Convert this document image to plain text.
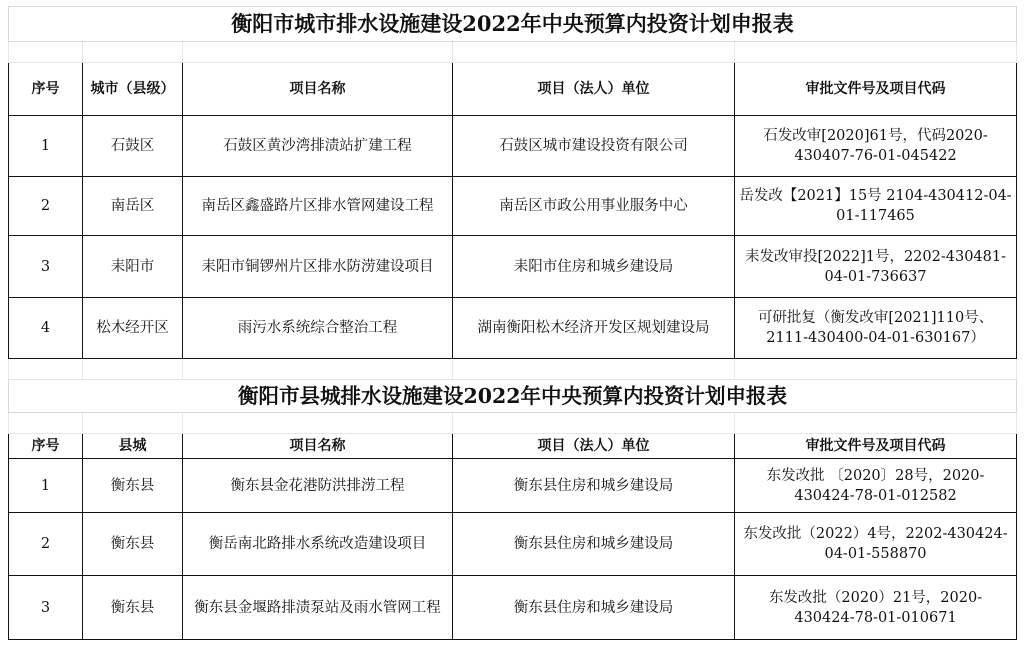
衡阳市城市排水设施建设2022年中央预算内投资计划申报表				

序号	城市（县级）	项目名称	项目（法人）单位	审批文件号及项目代码
1	石鼓区	石鼓区黄沙湾排渍站扩建工程	石鼓区城市建设投资有限公司	石发改审[2020]61号，代码2020-430407-76-01-045422
2	南岳区	南岳区鑫盛路片区排水管网建设工程	南岳区市政公用事业服务中心	岳发改【2021】15号 2104-430412-04-01-117465
3	耒阳市	耒阳市铜锣州片区排水防涝建设项目	耒阳市住房和城乡建设局	耒发改审投[2022]1号，2202-430481-04-01-736637
4	松木经开区	雨污水系统综合整治工程	湖南衡阳松木经济开发区规划建设局	可研批复（衡发改审[2021]110号、2111-430400-04-01-630167）

衡阳市县城排水设施建设2022年中央预算内投资计划申报表				

序号	县城	项目名称	项目（法人）单位	审批文件号及项目代码
1	衡东县	衡东县金花港防洪排涝工程	衡东县住房和城乡建设局	东发改批 〔2020〕28号，2020-430424-78-01-012582
2	衡东县	衡岳南北路排水系统改造建设项目	衡东县住房和城乡建设局	东发改批（2022）4号，2202-430424-04-01-558870
3	衡东县	衡东县金堰路排渍泵站及雨水管网工程	衡东县住房和城乡建设局	东发改批（2020）21号，2020-430424-78-01-010671
